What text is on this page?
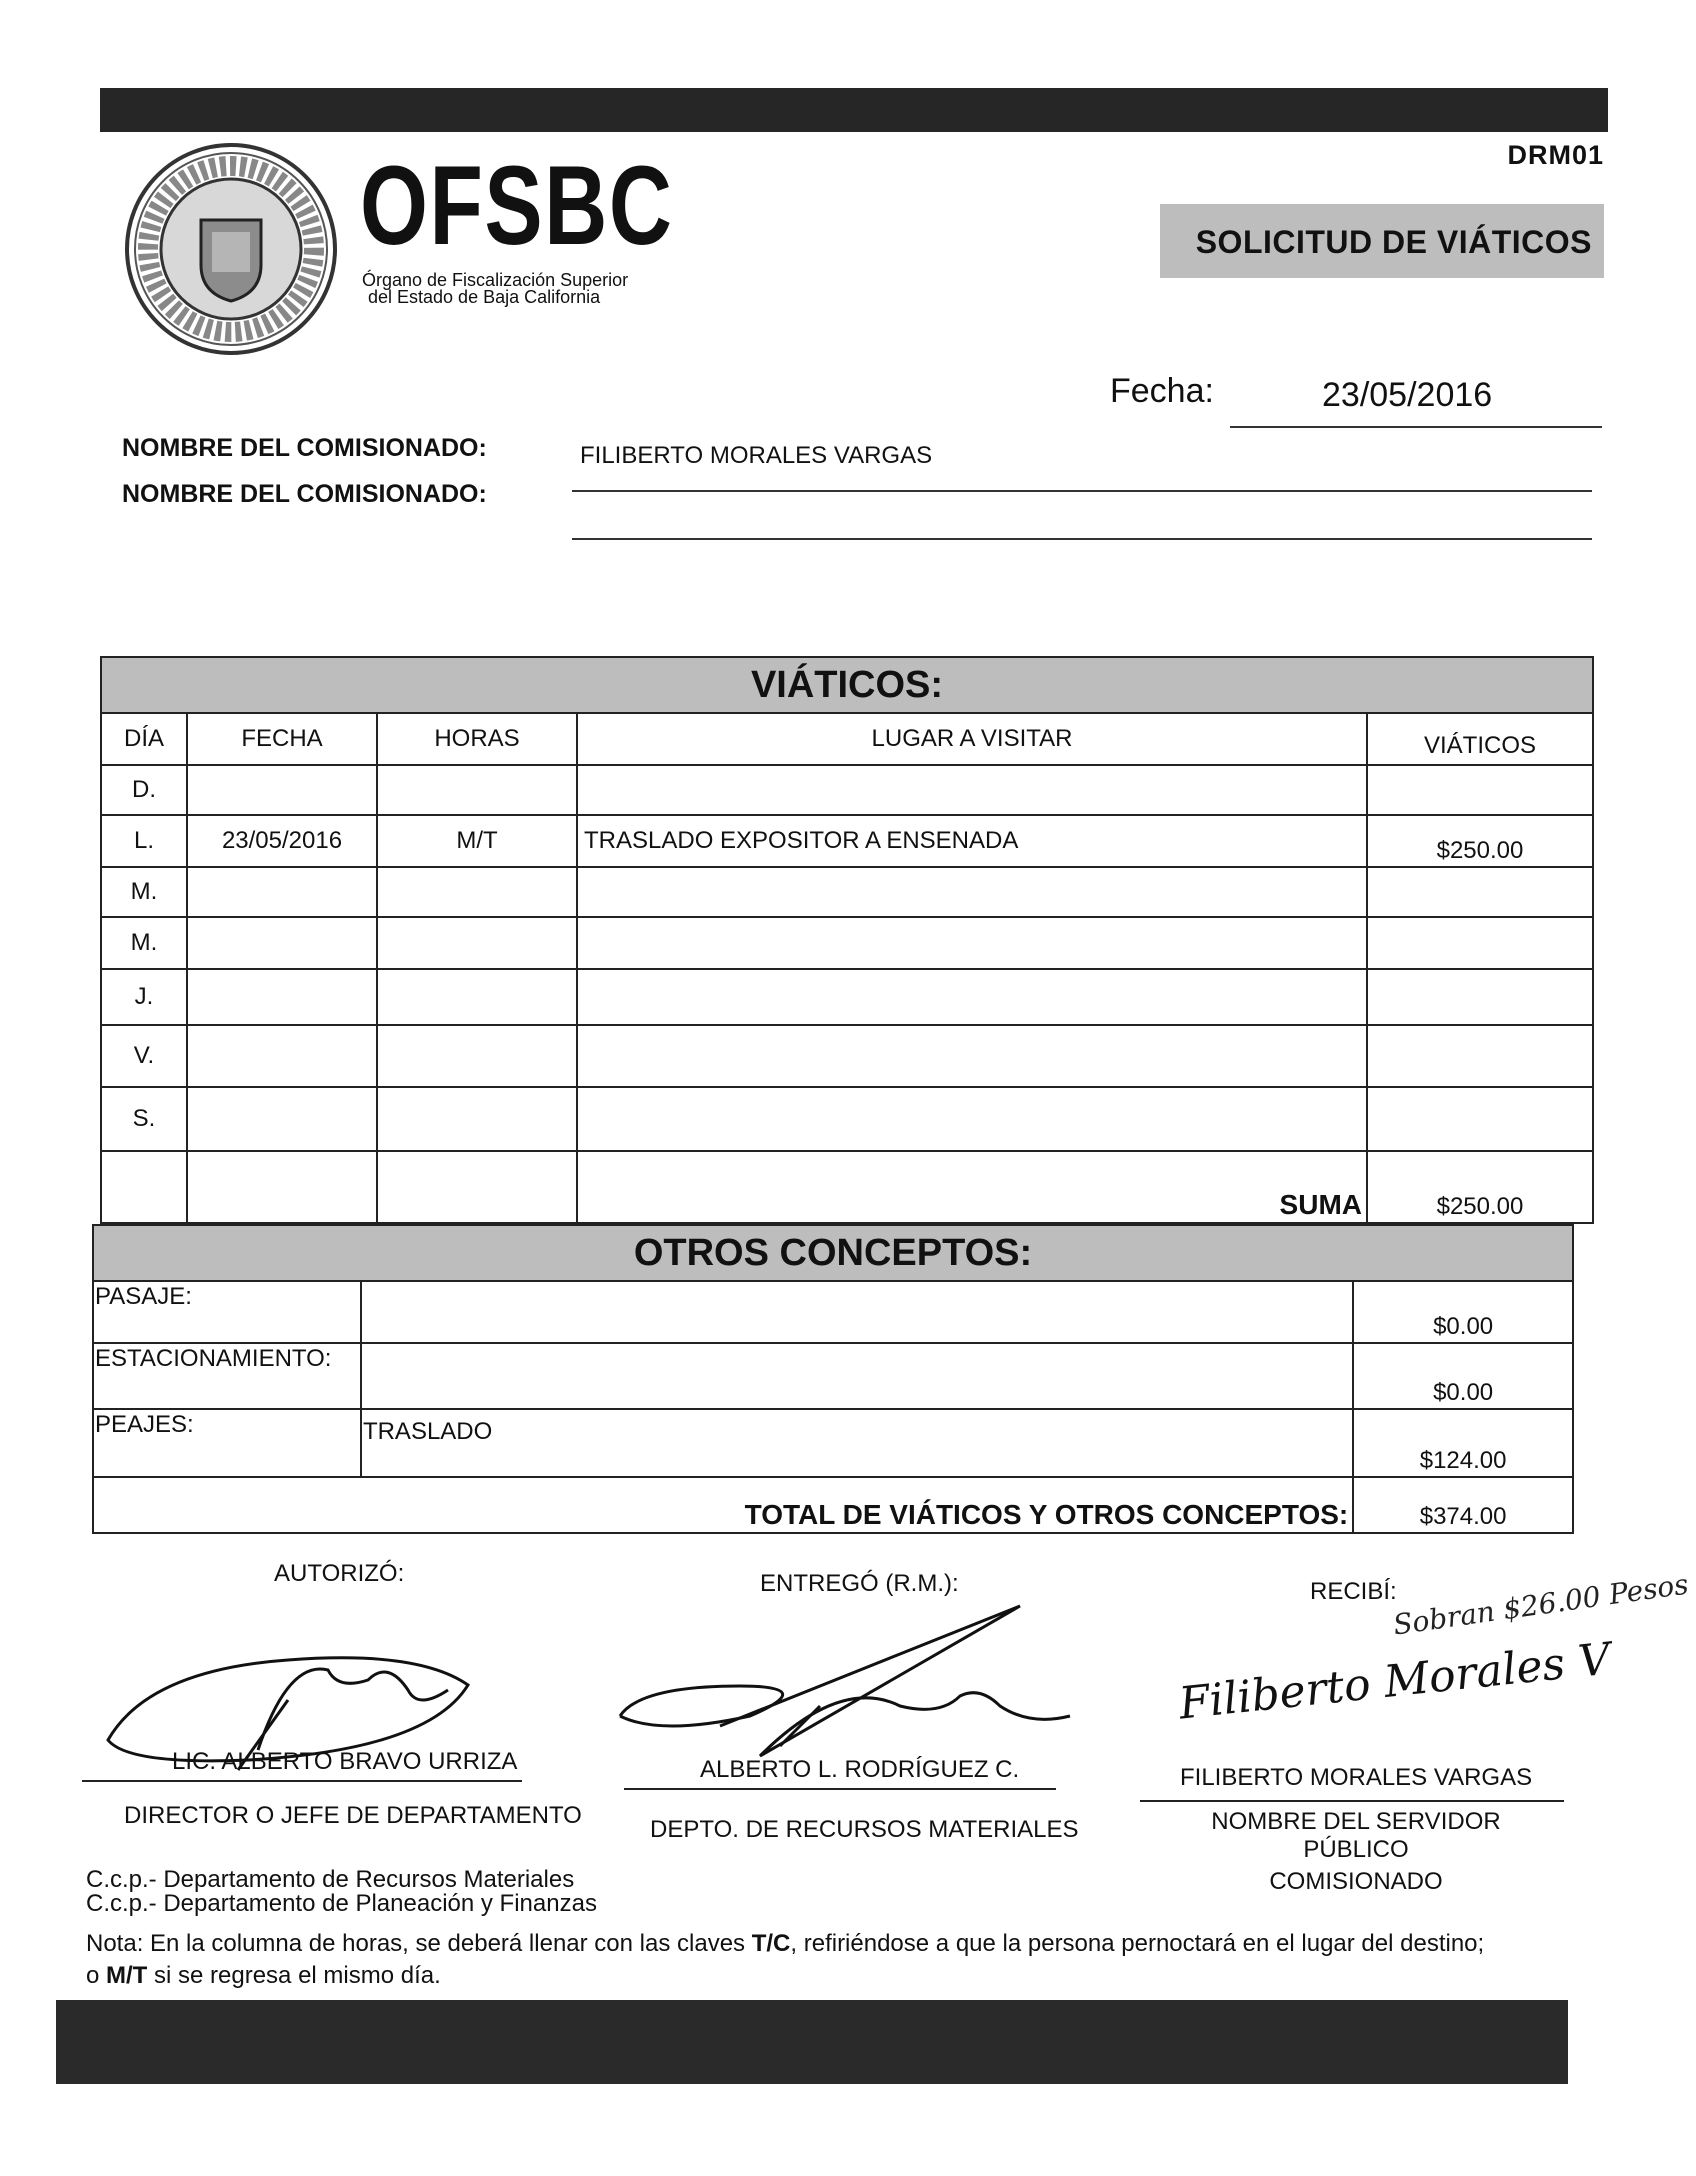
DRM01
OFSBC
Órgano de Fiscalización Superior
del Estado de Baja California
SOLICITUD DE VIÁTICOS
Fecha:	23/05/2016
NOMBRE DEL COMISIONADO:
NOMBRE DEL COMISIONADO:
FILIBERTO MORALES VARGAS
VIÁTICOS:				
DÍA	FECHA	HORAS	LUGAR A VISITAR	VIÁTICOS
D.				
L.	23/05/2016	M/T	TRASLADO EXPOSITOR A ENSENADA	$250.00
M.				
M.				
J.				
V.				
S.				
			SUMA	$250.00
OTROS CONCEPTOS:		
PASAJE:		$0.00
ESTACIONAMIENTO:		$0.00
PEAJES:	TRASLADO	$124.00
TOTAL DE VIÁTICOS Y OTROS CONCEPTOS:		$374.00
AUTORIZÓ:	ENTREGÓ (R.M.):	RECIBÍ:
Sobran $26.00 Pesos
Filiberto Morales V
LIC. ALBERTO BRAVO URRIZA	ALBERTO L. RODRÍGUEZ C.	FILIBERTO MORALES VARGAS
DIRECTOR O JEFE DE DEPARTAMENTO
DEPTO. DE RECURSOS MATERIALES	NOMBRE DEL SERVIDOR PÚBLICO
COMISIONADO
C.c.p.- Departamento de Recursos Materiales
C.c.p.- Departamento de Planeación y Finanzas
Nota: En la columna de horas, se deberá llenar con las claves T/C, refiriéndose a que la persona pernoctará en el lugar del destino;
o M/T si se regresa el mismo día.
